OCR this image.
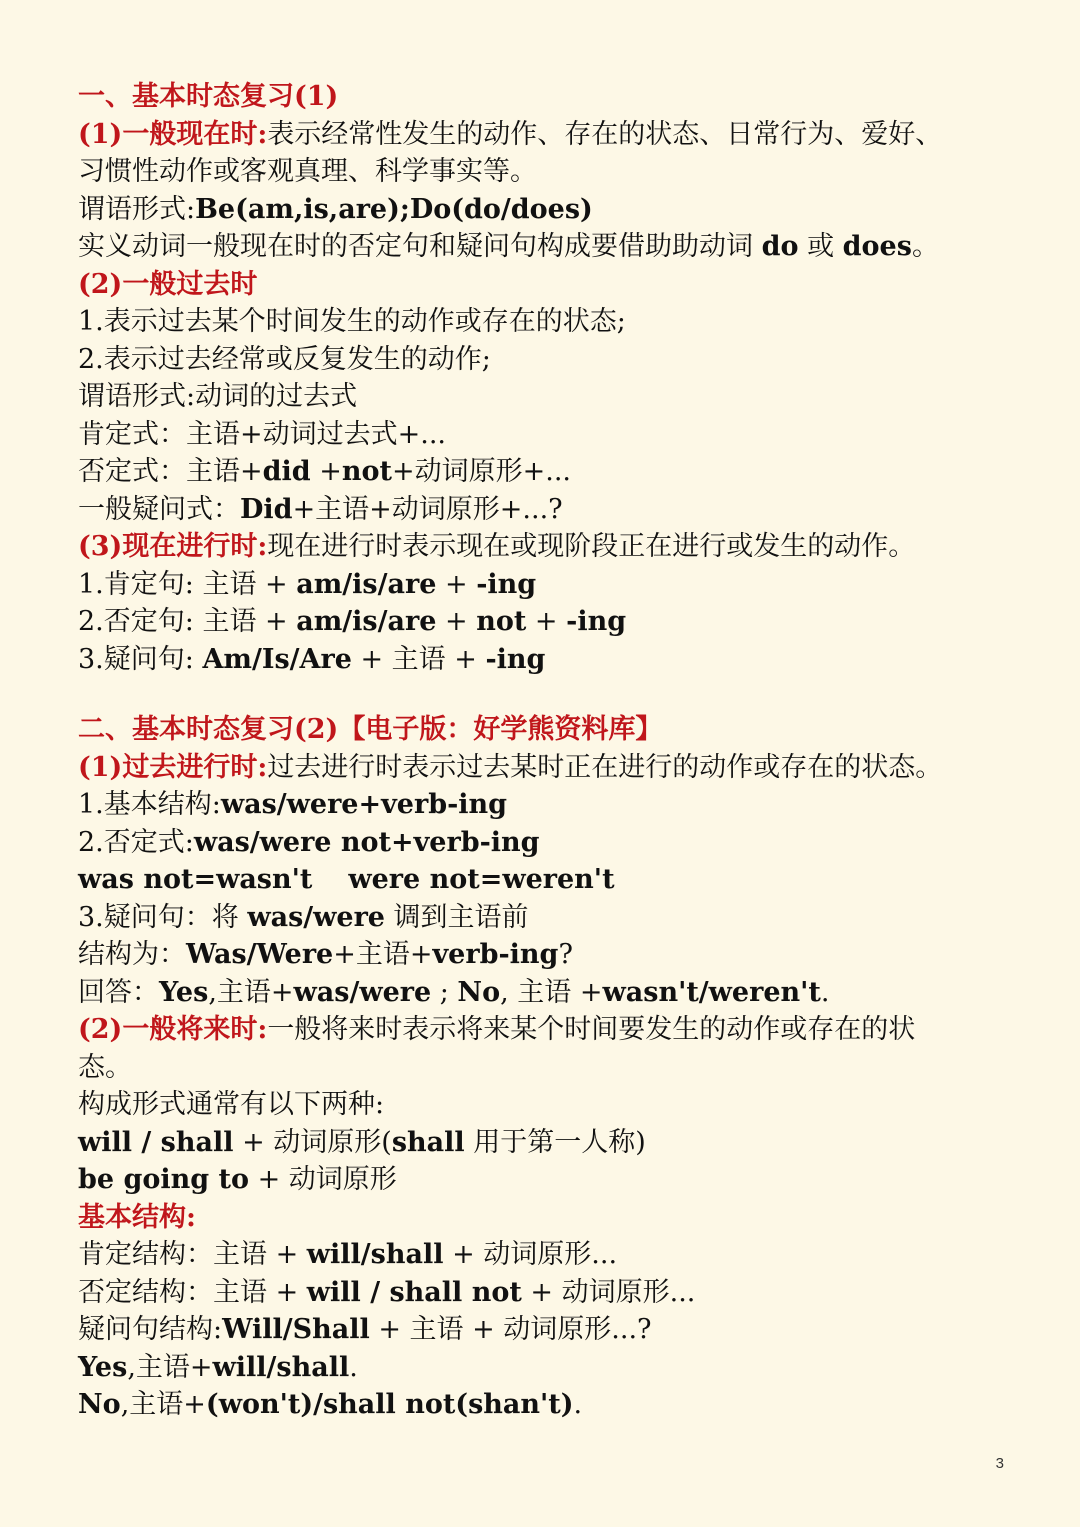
一、基本时态复习(1)
(1)一般现在时:表示经常性发生的动作、存在的状态、日常行为、爱好、
习惯性动作或客观真理、科学事实等。
谓语形式:Be(am,is,are);Do(do/does)
实义动词一般现在时的否定句和疑问句构成要借助助动词 do 或 does。
(2)一般过去时
1.表示过去某个时间发生的动作或存在的状态;
2.表示过去经常或反复发生的动作;
谓语形式:动词的过去式
肯定式：主语+动词过去式+...
否定式：主语+did +not+动词原形+...
一般疑问式：Did+主语+动词原形+...?
(3)现在进行时:现在进行时表示现在或现阶段正在进行或发生的动作。
1.肯定句: 主语 + am/is/are + -ing
2.否定句: 主语 + am/is/are + not + -ing
3.疑问句: Am/Is/Are + 主语 + -ing
二、基本时态复习(2)【电子版：好学熊资料库】
(1)过去进行时:过去进行时表示过去某时正在进行的动作或存在的状态。
1.基本结构:was/were+verb-ing
2.否定式:was/were not+verb-ing
was not=wasn't were not=weren't
3.疑问句：将 was/were 调到主语前
结构为：Was/Were+主语+verb-ing?
回答：Yes,主语+was/were ; No, 主语 +wasn't/weren't.
(2)一般将来时:一般将来时表示将来某个时间要发生的动作或存在的状
态。
构成形式通常有以下两种:
will / shall + 动词原形(shall 用于第一人称)
be going to + 动词原形
基本结构:
肯定结构：主语 + will/shall + 动词原形...
否定结构：主语 + will / shall not + 动词原形...
疑问句结构:Will/Shall + 主语 + 动词原形...?
Yes,主语+will/shall.
No,主语+(won't)/shall not(shan't).
3
